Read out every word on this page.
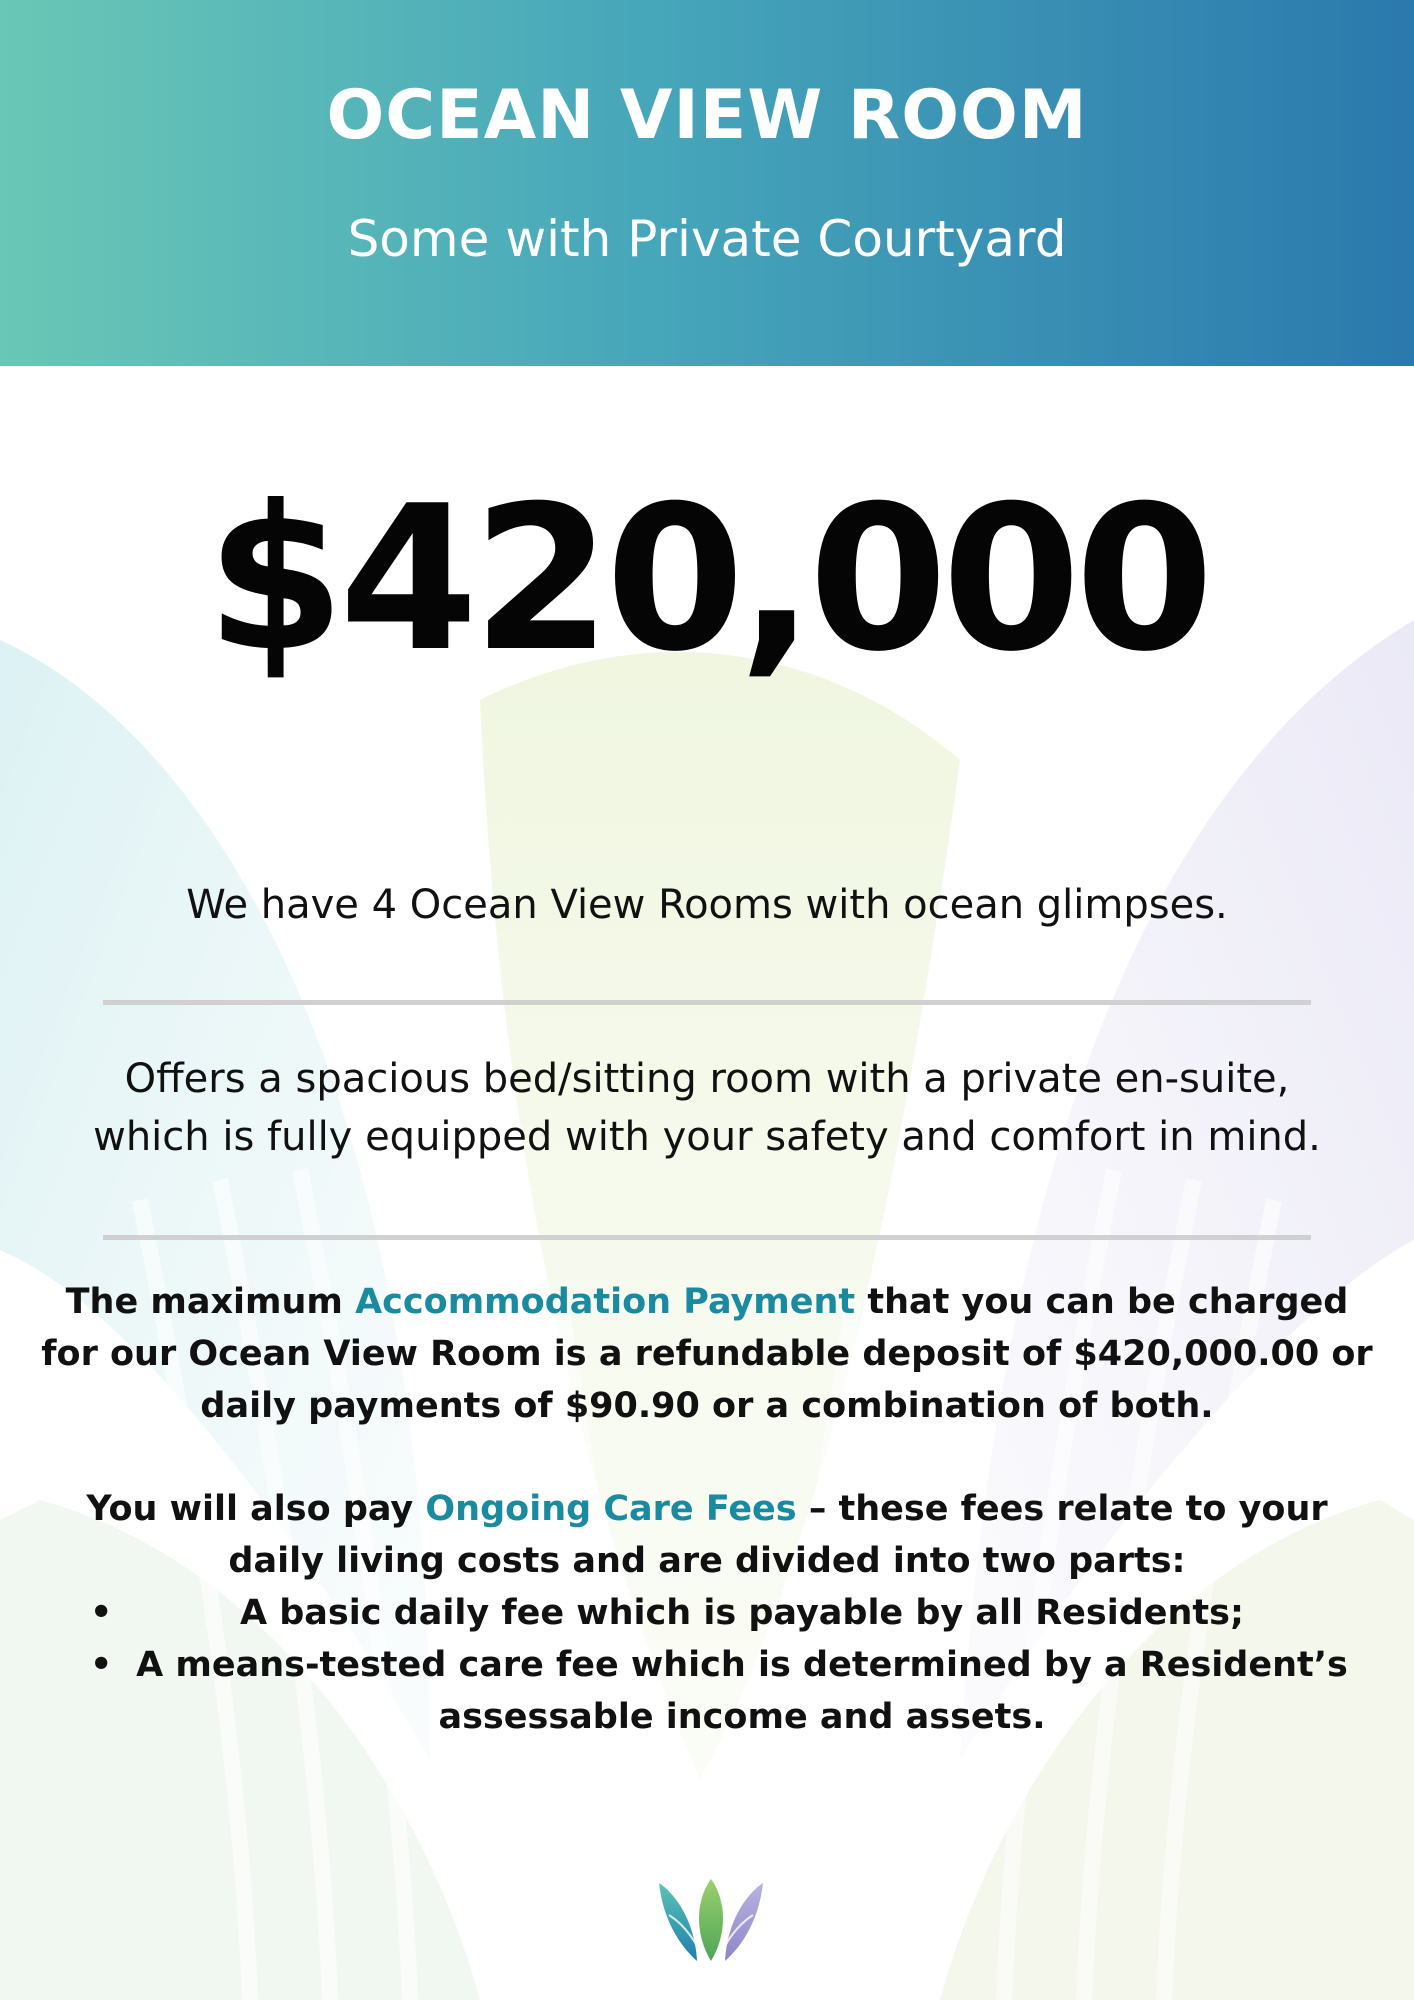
OCEAN VIEW ROOM
Some with Private Courtyard
$420,000
We have 4 Ocean View Rooms with ocean glimpses.
Offers a spacious bed/sitting room with a private en-suite,
which is fully equipped with your safety and comfort in mind.
The maximum Accommodation Payment that you can be charged for our Ocean View Room is a refundable deposit of $420,000.00 or daily payments of $90.90 or a combination of both.
You will also pay Ongoing Care Fees – these fees relate to your daily living costs and are divided into two parts:
•	A basic daily fee which is payable by all Residents;
• A means-tested care fee which is determined by a Resident’s assessable income and assets.
